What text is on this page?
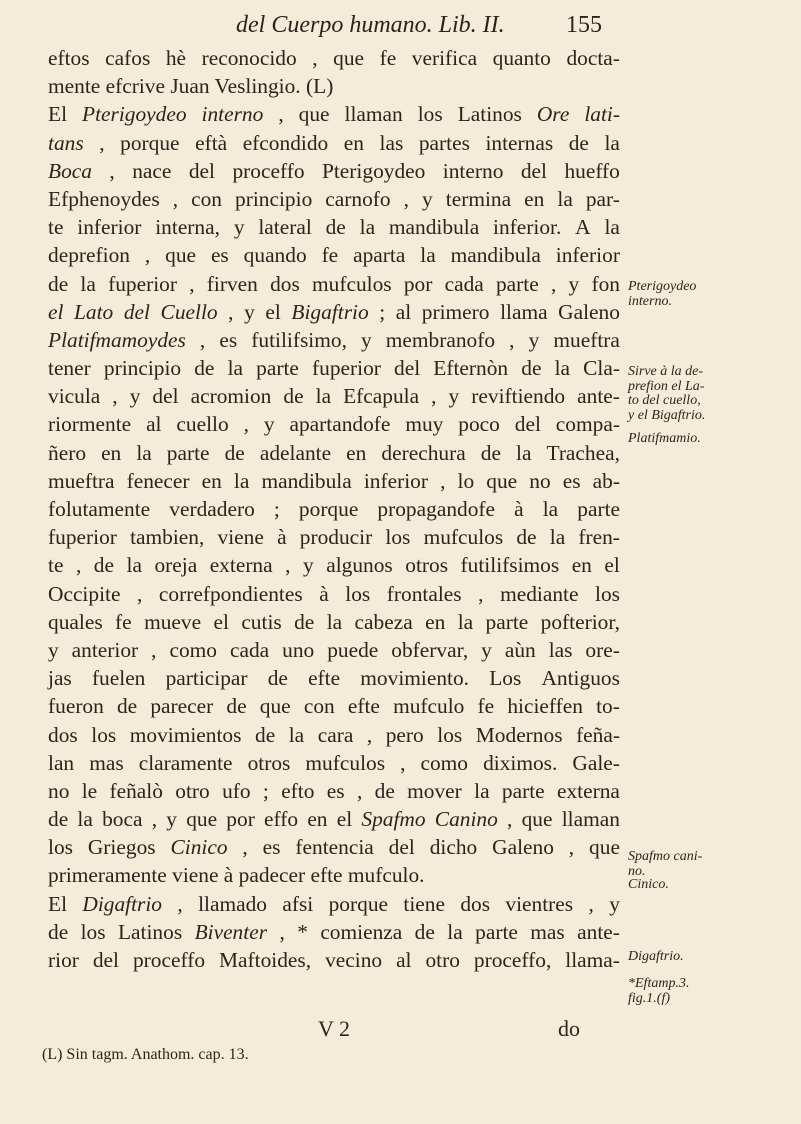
del Cuerpo humano. Lib. II.	155
eftos cafos hè reconocido , que fe verifica quanto docta-
mente efcrive Juan Veslingio. (L)
El Pterigoydeo interno , que llaman los Latinos Ore lati-
tans , porque eftà efcondido en las partes internas de la
Boca , nace del proceffo Pterigoydeo interno del hueffo
Efphenoydes , con principio carnofo , y termina en la par-
te inferior interna, y lateral de la mandibula inferior. A la
deprefion , que es quando fe aparta la mandibula inferior
de la fuperior , firven dos mufculos por cada parte , y fon
el Lato del Cuello , y el Bigaftrio ; al primero llama Galeno
Platifmamoydes , es futilifsimo, y membranofo , y mueftra
tener principio de la parte fuperior del Efternòn de la Cla-
vicula , y del acromion de la Efcapula , y reviftiendo ante-
riormente al cuello , y apartandofe muy poco del compa-
ñero en la parte de adelante en derechura de la Trachea,
mueftra fenecer en la mandibula inferior , lo que no es ab-
folutamente verdadero ; porque propagandofe à la parte
fuperior tambien, viene à producir los mufculos de la fren-
te , de la oreja externa , y algunos otros futilifsimos en el
Occipite , correfpondientes à los frontales , mediante los
quales fe mueve el cutis de la cabeza en la parte pofterior,
y anterior , como cada uno puede obfervar, y aùn las ore-
jas fuelen participar de efte movimiento. Los Antiguos
fueron de parecer de que con efte mufculo fe hicieffen to-
dos los movimientos de la cara , pero los Modernos feña-
lan mas claramente otros mufculos , como diximos. Gale-
no le feñalò otro ufo ; efto es , de mover la parte externa
de la boca , y que por effo en el Spafmo Canino , que llaman
los Griegos Cinico , es fentencia del dicho Galeno , que
primeramente viene à padecer efte mufculo.
El Digaftrio , llamado afsi porque tiene dos vientres , y
de los Latinos Biventer , * comienza de la parte mas ante-
rior del proceffo Maftoides, vecino al otro proceffo, llama-
Pterigoydeo
interno.
Sirve à la de-
prefion el La-
to del cuello,
y el Bigaftrio.
Platifmamio.
Spafmo cani-
no.
Cinico.
Digaftrio.
*Eftamp.3.
fig.1.(f)
V 2	do
(L) Sin tagm. Anathom. cap. 13.
